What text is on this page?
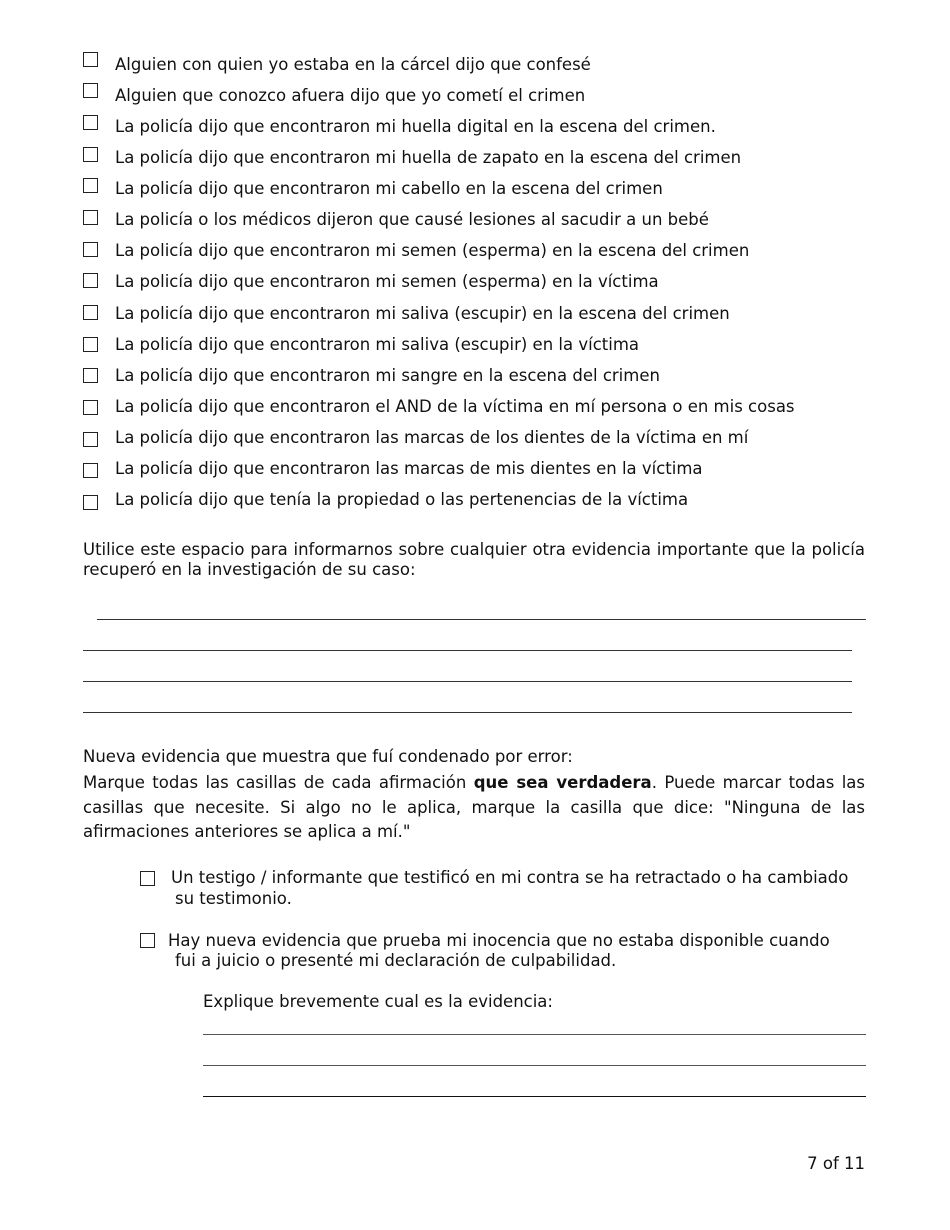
Alguien con quien yo estaba en la cárcel dijo que confesé
Alguien que conozco afuera dijo que yo cometí el crimen
La policía dijo que encontraron mi huella digital en la escena del crimen.
La policía dijo que encontraron mi huella de zapato en la escena del crimen
La policía dijo que encontraron mi cabello en la escena del crimen
La policía o los médicos dijeron que causé lesiones al sacudir a un bebé
La policía dijo que encontraron mi semen (esperma) en la escena del crimen
La policía dijo que encontraron mi semen (esperma) en la víctima
La policía dijo que encontraron mi saliva (escupir) en la escena del crimen
La policía dijo que encontraron mi saliva (escupir) en la víctima
La policía dijo que encontraron mi sangre en la escena del crimen
La policía dijo que encontraron el AND de la víctima en mí persona o en mis cosas
La policía dijo que encontraron las marcas de los dientes de la víctima en mí
La policía dijo que encontraron las marcas de mis dientes en la víctima
La policía dijo que tenía la propiedad o las pertenencias de la víctima
Utilice este espacio para informarnos sobre cualquier otra evidencia importante que la policía recuperó en la investigación de su caso:
Nueva evidencia que muestra que fuí condenado por error:
Marque todas las casillas de cada afirmación que sea verdadera. Puede marcar todas las casillas que necesite. Si algo no le aplica, marque la casilla que dice: "Ninguna de las afirmaciones anteriores se aplica a mí."
Un testigo / informante que testificó en mi contra se ha retractado o ha cambiado
su testimonio.
Hay nueva evidencia que prueba mi inocencia que no estaba disponible cuando
fui a juicio o presenté mi declaración de culpabilidad.
Explique brevemente cual es la evidencia:
7 of 11
